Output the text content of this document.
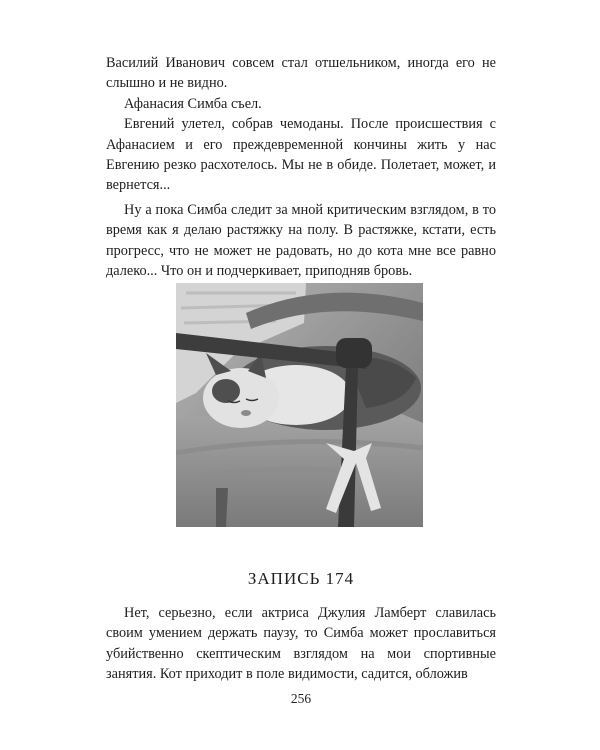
Василий Иванович совсем стал отшельником, иногда его не слышно и не видно.

Афанасия Симба съел.

Евгений улетел, собрав чемоданы. После происшествия с Афанасием и его преждевременной кончины жить у нас Евгению резко расхотелось. Мы не в обиде. Полетает, может, и вернется...

Ну а пока Симба следит за мной критическим взглядом, в то время как я делаю растяжку на полу. В растяжке, кстати, есть прогресс, что не может не радовать, но до кота мне все равно далеко... Что он и подчеркивает, приподняв бровь.

ЗАПИСЬ 174

Нет, серьезно, если актриса Джулия Ламберт славилась своим умением держать паузу, то Симба может прославиться убийственно скептическим взглядом на мои спортивные занятия. Кот приходит в поле видимости, садится, обложив

256
